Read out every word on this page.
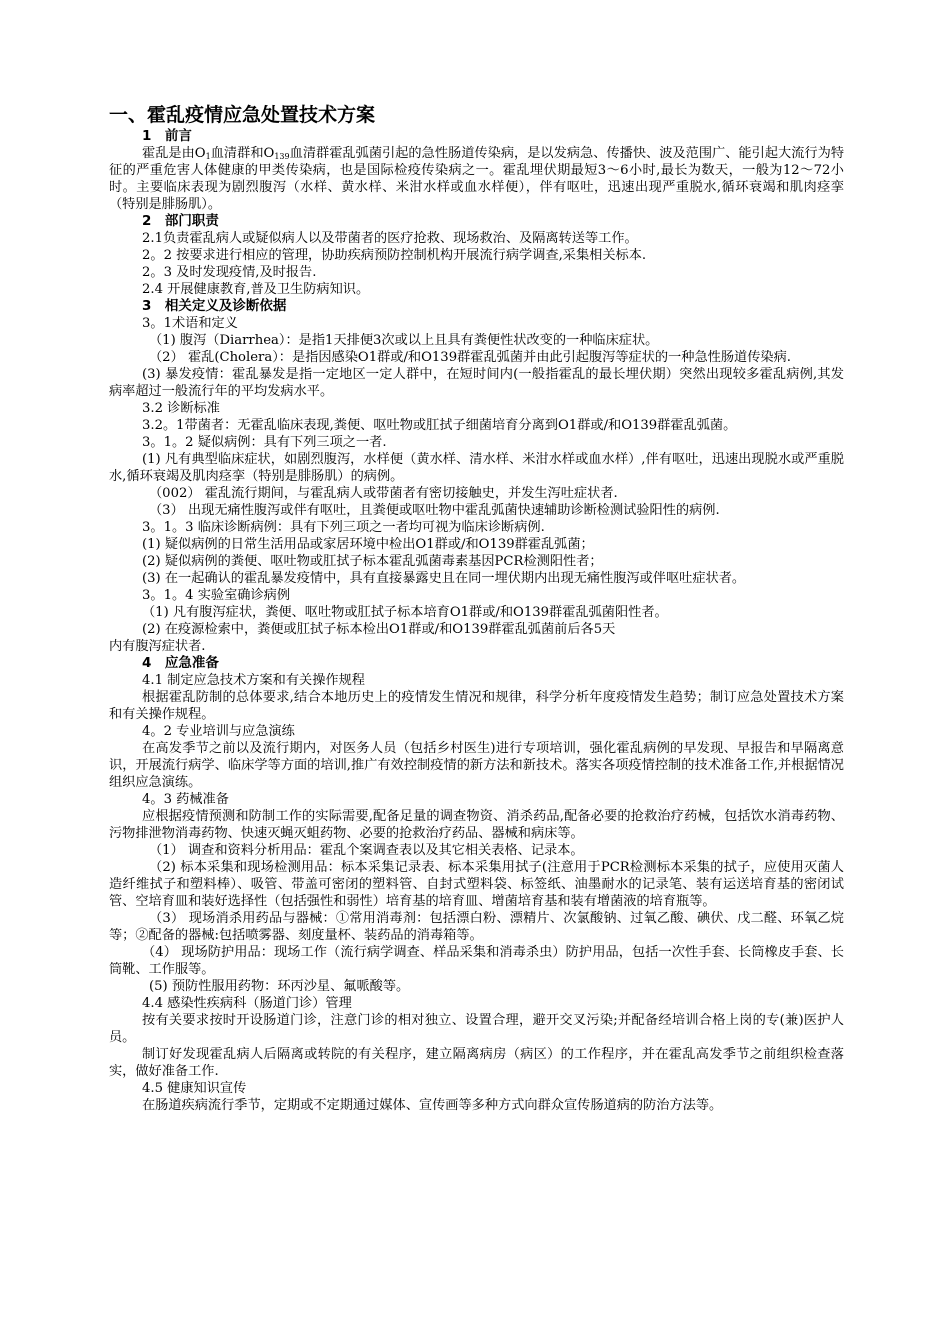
一、霍乱疫情应急处置技术方案
1　前言

霍乱是由$O_1$血清群和$O_{139}$血清群霍乱弧菌引起的急性肠道传染病，是以发病急、传播快、波及范围广、能引起大流行为特征的严重危害人体健康的甲类传染病，也是国际检疫传染病之一。霍乱埋伏期最短3～6小时,最长为数天，一般为12～72小时。主要临床表现为剧烈腹泻（水样、黄水样、米泔水样或血水样便），伴有呕吐，迅速出现严重脱水,循环衰竭和肌肉痉挛（特别是腓肠肌）。

2　部门职责

2.1负责霍乱病人或疑似病人以及带菌者的医疗抢救、现场救治、及隔离转送等工作。

2。2 按要求进行相应的管理，协助疾病预防控制机构开展流行病学调查,采集相关标本.

2。3 及时发现疫情,及时报告.

2.4 开展健康教育,普及卫生防病知识。

3　相关定义及诊断依据

3。1术语和定义

（1) 腹泻（Diarrhea）：是指1天排便3次或以上且具有粪便性状改变的一种临床症状。

（2） 霍乱(Cholera）：是指因感染O1群或/和O139群霍乱弧菌并由此引起腹泻等症状的一种急性肠道传染病.

(3) 暴发疫情：霍乱暴发是指一定地区一定人群中，在短时间内(一般指霍乱的最长埋伏期）突然出现较多霍乱病例,其发病率超过一般流行年的平均发病水平。

3.2 诊断标准

3.2。1带菌者：无霍乱临床表现,粪便、呕吐物或肛拭子细菌培育分离到O1群或/和O139群霍乱弧菌。

3。1。2 疑似病例：具有下列三项之一者.

(1) 凡有典型临床症状，如剧烈腹泻，水样便（黄水样、清水样、米泔水样或血水样）,伴有呕吐，迅速出现脱水或严重脱水,循环衰竭及肌肉痉挛（特别是腓肠肌）的病例。

（002） 霍乱流行期间，与霍乱病人或带菌者有密切接触史，并发生泻吐症状者.

（3） 出现无痛性腹泻或伴有呕吐，且粪便或呕吐物中霍乱弧菌快速辅助诊断检测试验阳性的病例.

3。1。3 临床诊断病例：具有下列三项之一者均可视为临床诊断病例.

(1) 疑似病例的日常生活用品或家居环境中检出O1群或/和O139群霍乱弧菌；

(2) 疑似病例的粪便、呕吐物或肛拭子标本霍乱弧菌毒素基因PCR检测阳性者；

(3) 在一起确认的霍乱暴发疫情中，具有直接暴露史且在同一埋伏期内出现无痛性腹泻或伴呕吐症状者。

3。1。4 实验室确诊病例

（1) 凡有腹泻症状，粪便、呕吐物或肛拭子标本培育O1群或/和O139群霍乱弧菌阳性者。

(2) 在疫源检索中，粪便或肛拭子标本检出O1群或/和O139群霍乱弧菌前后各5天

内有腹泻症状者.

4　应急准备

4.1 制定应急技术方案和有关操作规程

根据霍乱防制的总体要求,结合本地历史上的疫情发生情况和规律，科学分析年度疫情发生趋势；制订应急处置技术方案和有关操作规程。

4。2 专业培训与应急演练

在高发季节之前以及流行期内，对医务人员（包括乡村医生)进行专项培训，强化霍乱病例的早发现、早报告和早隔离意识，开展流行病学、临床学等方面的培训,推广有效控制疫情的新方法和新技术。落实各项疫情控制的技术准备工作,并根据情况组织应急演练。

4。3 药械准备

应根据疫情预测和防制工作的实际需要,配备足量的调查物资、消杀药品,配备必要的抢救治疗药械，包括饮水消毒药物、污物排泄物消毒药物、快速灭蝇灭蛆药物、必要的抢救治疗药品、器械和病床等。

（1） 调查和资料分析用品：霍乱个案调查表以及其它相关表格、记录本。

（2) 标本采集和现场检测用品：标本采集记录表、标本采集用拭子(注意用于PCR检测标本采集的拭子，应使用灭菌人造纤维拭子和塑料棒）、吸管、带盖可密闭的塑料管、自封式塑料袋、标签纸、油墨耐水的记录笔、装有运送培育基的密闭试管、空培育皿和装好选择性（包括强性和弱性）培育基的培育皿、增菌培育基和装有增菌液的培育瓶等。

（3） 现场消杀用药品与器械：①常用消毒剂：包括漂白粉、漂精片、次氯酸钠、过氧乙酸、碘伏、戊二醛、环氧乙烷等；②配备的器械:包括喷雾器、刻度量杯、装药品的消毒箱等。

（4） 现场防护用品：现场工作（流行病学调查、样品采集和消毒杀虫）防护用品，包括一次性手套、长筒橡皮手套、长筒靴、工作服等。

(5) 预防性服用药物：环丙沙星、氟哌酸等。

4.4 感染性疾病科（肠道门诊）管理

按有关要求按时开设肠道门诊，注意门诊的相对独立、设置合理，避开交叉污染;并配备经培训合格上岗的专(兼)医护人员。

制订好发现霍乱病人后隔离或转院的有关程序，建立隔离病房（病区）的工作程序，并在霍乱高发季节之前组织检查落实，做好准备工作.

4.5 健康知识宣传

在肠道疾病流行季节，定期或不定期通过媒体、宣传画等多种方式向群众宣传肠道病的防治方法等。
